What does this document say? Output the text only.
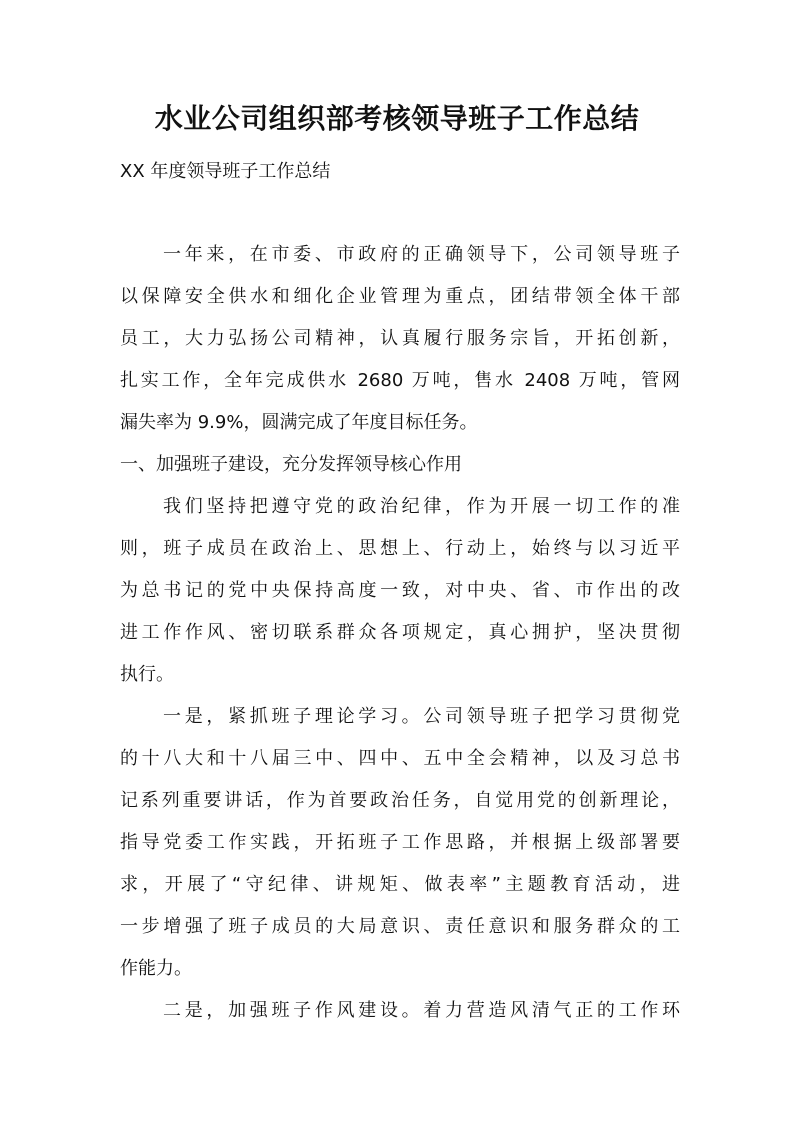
水业公司组织部考核领导班子工作总结
XX 年度领导班子工作总结
一年来，在市委、市政府的正确领导下，公司领导班子
以保障安全供水和细化企业管理为重点，团结带领全体干部
员工，大力弘扬公司精神，认真履行服务宗旨，开拓创新，
扎实工作，全年完成供水 2680 万吨，售水 2408 万吨，管网
漏失率为 9.9%，圆满完成了年度目标任务。
一、加强班子建设，充分发挥领导核心作用
我们坚持把遵守党的政治纪律，作为开展一切工作的准
则，班子成员在政治上、思想上、行动上，始终与以习近平
为总书记的党中央保持高度一致，对中央、省、市作出的改
进工作作风、密切联系群众各项规定，真心拥护，坚决贯彻
执行。
一是，紧抓班子理论学习。公司领导班子把学习贯彻党
的十八大和十八届三中、四中、五中全会精神，以及习总书
记系列重要讲话，作为首要政治任务，自觉用党的创新理论，
指导党委工作实践，开拓班子工作思路，并根据上级部署要
求，开展了“守纪律、讲规矩、做表率”主题教育活动，进
一步增强了班子成员的大局意识、责任意识和服务群众的工
作能力。
二是，加强班子作风建设。着力营造风清气正的工作环
